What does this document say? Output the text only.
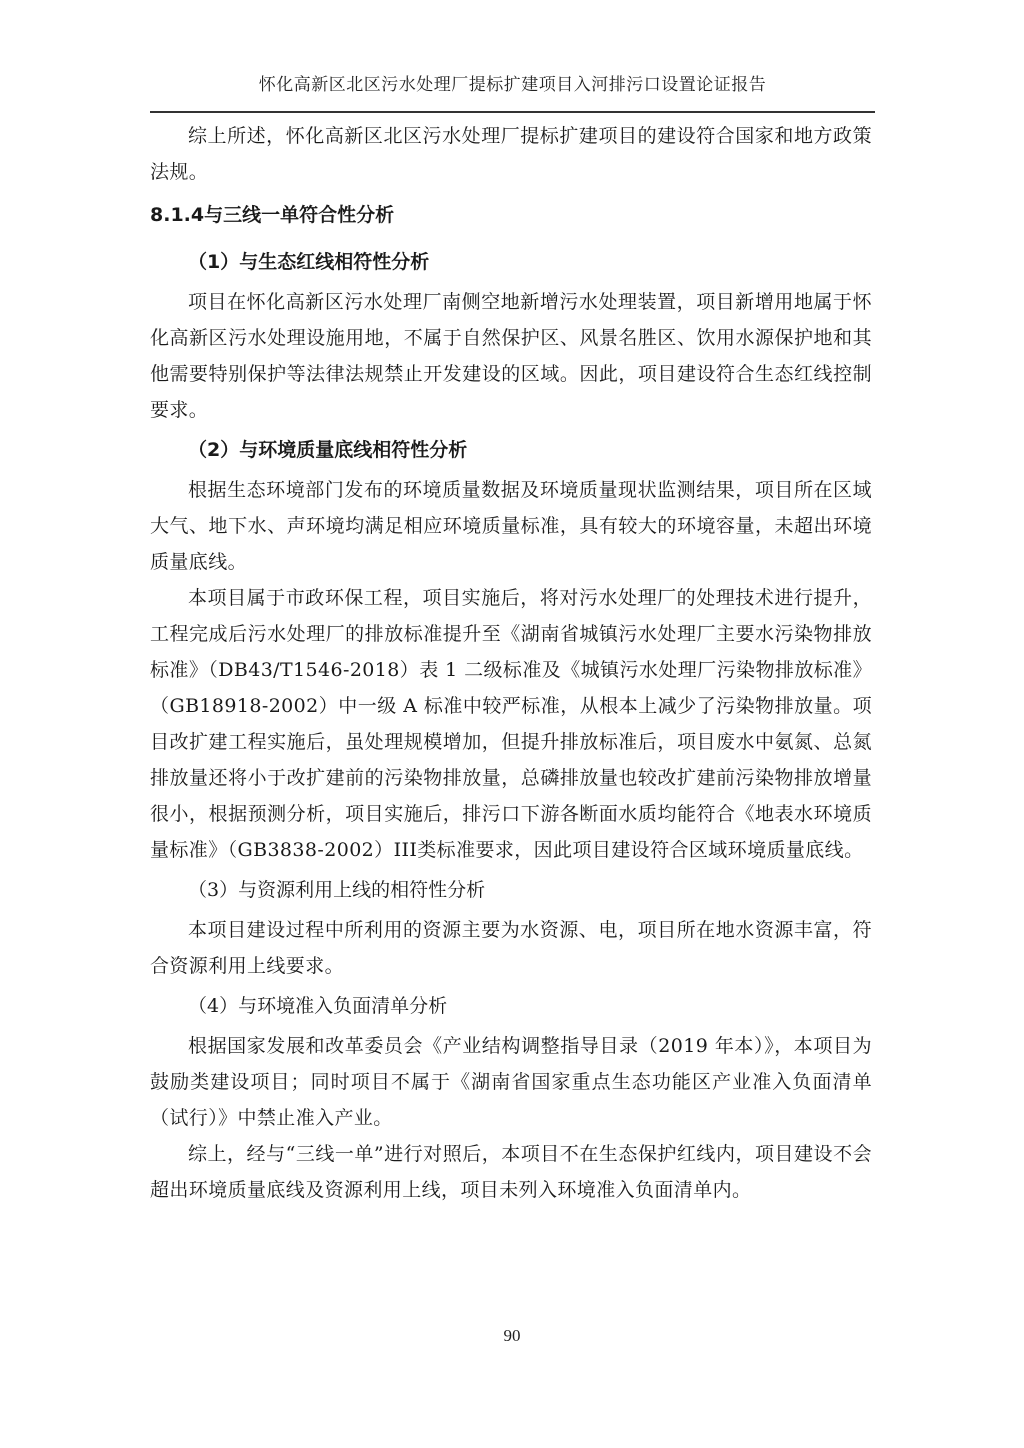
怀化高新区北区污水处理厂提标扩建项目入河排污口设置论证报告

综上所述，怀化高新区北区污水处理厂提标扩建项目的建设符合国家和地方政策法规。

8.1.4与三线一单符合性分析

（1）与生态红线相符性分析

项目在怀化高新区污水处理厂南侧空地新增污水处理装置，项目新增用地属于怀化高新区污水处理设施用地，不属于自然保护区、风景名胜区、饮用水源保护地和其他需要特别保护等法律法规禁止开发建设的区域。因此，项目建设符合生态红线控制要求。

（2）与环境质量底线相符性分析

根据生态环境部门发布的环境质量数据及环境质量现状监测结果，项目所在区域大气、地下水、声环境均满足相应环境质量标准，具有较大的环境容量，未超出环境质量底线。

本项目属于市政环保工程，项目实施后，将对污水处理厂的处理技术进行提升，工程完成后污水处理厂的排放标准提升至《湖南省城镇污水处理厂主要水污染物排放标准》（DB43/T1546-2018）表 1 二级标准及《城镇污水处理厂污染物排放标准》（GB18918-2002）中一级 A 标准中较严标准，从根本上减少了污染物排放量。项目改扩建工程实施后，虽处理规模增加，但提升排放标准后，项目废水中氨氮、总氮排放量还将小于改扩建前的污染物排放量，总磷排放量也较改扩建前污染物排放增量很小，根据预测分析，项目实施后，排污口下游各断面水质均能符合《地表水环境质量标准》（GB3838-2002）III类标准要求，因此项目建设符合区域环境质量底线。

（3）与资源利用上线的相符性分析

本项目建设过程中所利用的资源主要为水资源、电，项目所在地水资源丰富，符合资源利用上线要求。

（4）与环境准入负面清单分析

根据国家发展和改革委员会《产业结构调整指导目录（2019 年本）》，本项目为鼓励类建设项目；同时项目不属于《湖南省国家重点生态功能区产业准入负面清单（试行）》中禁止准入产业。

综上，经与“三线一单”进行对照后，本项目不在生态保护红线内，项目建设不会超出环境质量底线及资源利用上线，项目未列入环境准入负面清单内。

90
